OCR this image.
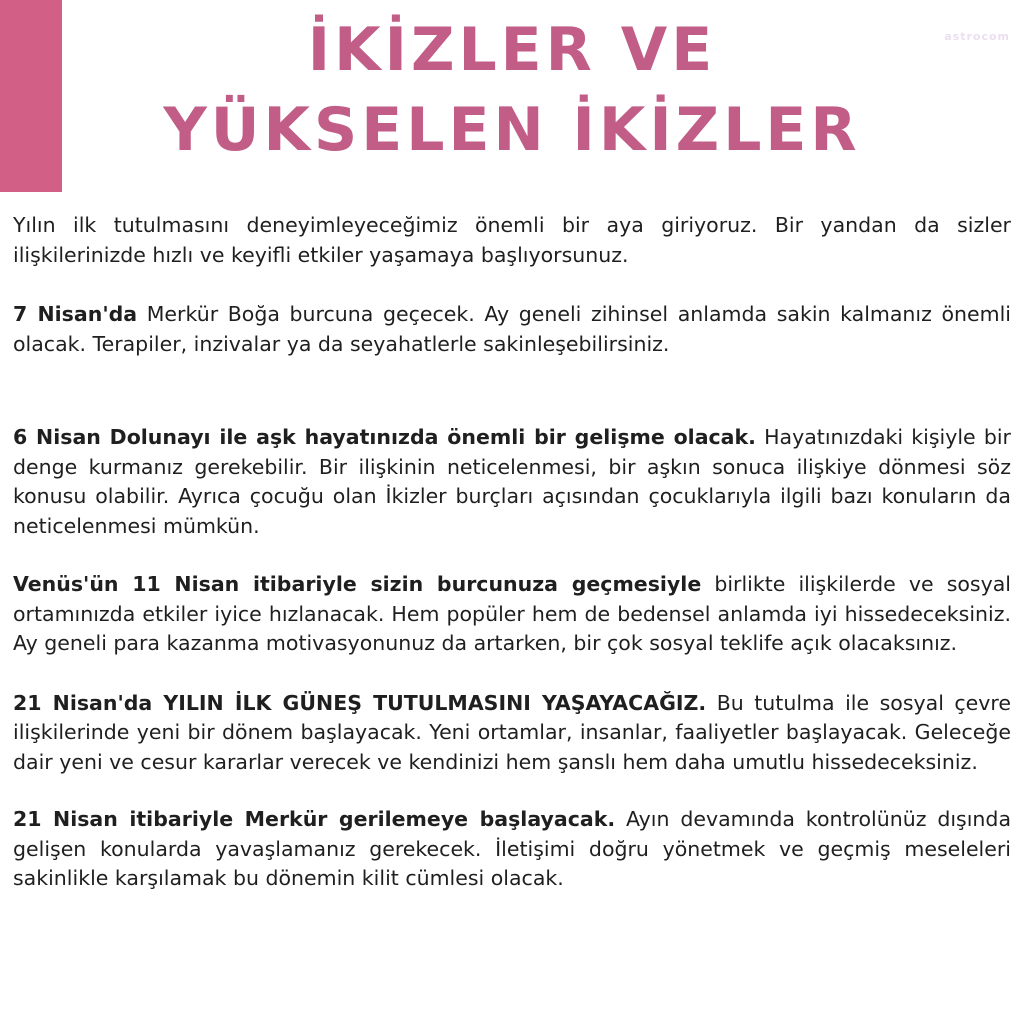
astrocom
İKİZLER VE
YÜKSELEN İKİZLER

Yılın ilk tutulmasını deneyimleyeceğimiz önemli bir aya giriyoruz. Bir yandan da sizler ilişkilerinizde hızlı ve keyifli etkiler yaşamaya başlıyorsunuz.

7 Nisan'da Merkür Boğa burcuna geçecek. Ay geneli zihinsel anlamda sakin kalmanız önemli olacak. Terapiler, inzivalar ya da seyahatlerle sakinleşebilirsiniz.

6 Nisan Dolunayı ile aşk hayatınızda önemli bir gelişme olacak. Hayatınızdaki kişiyle bir denge kurmanız gerekebilir. Bir ilişkinin neticelenmesi, bir aşkın sonuca ilişkiye dönmesi söz konusu olabilir. Ayrıca çocuğu olan İkizler burçları açısından çocuklarıyla ilgili bazı konuların da neticelenmesi mümkün.

Venüs'ün 11 Nisan itibariyle sizin burcunuza geçmesiyle birlikte ilişkilerde ve sosyal ortamınızda etkiler iyice hızlanacak. Hem popüler hem de bedensel anlamda iyi hissedeceksiniz. Ay geneli para kazanma motivasyonunuz da artarken, bir çok sosyal teklife açık olacaksınız.

21 Nisan'da YILIN İLK GÜNEŞ TUTULMASINI YAŞAYACAĞIZ. Bu tutulma ile sosyal çevre ilişkilerinde yeni bir dönem başlayacak. Yeni ortamlar, insanlar, faaliyetler başlayacak. Geleceğe dair yeni ve cesur kararlar verecek ve kendinizi hem şanslı hem daha umutlu hissedeceksiniz.

21 Nisan itibariyle Merkür gerilemeye başlayacak. Ayın devamında kontrolünüz dışında gelişen konularda yavaşlamanız gerekecek. İletişimi doğru yönetmek ve geçmiş meseleleri sakinlikle karşılamak bu dönemin kilit cümlesi olacak.
